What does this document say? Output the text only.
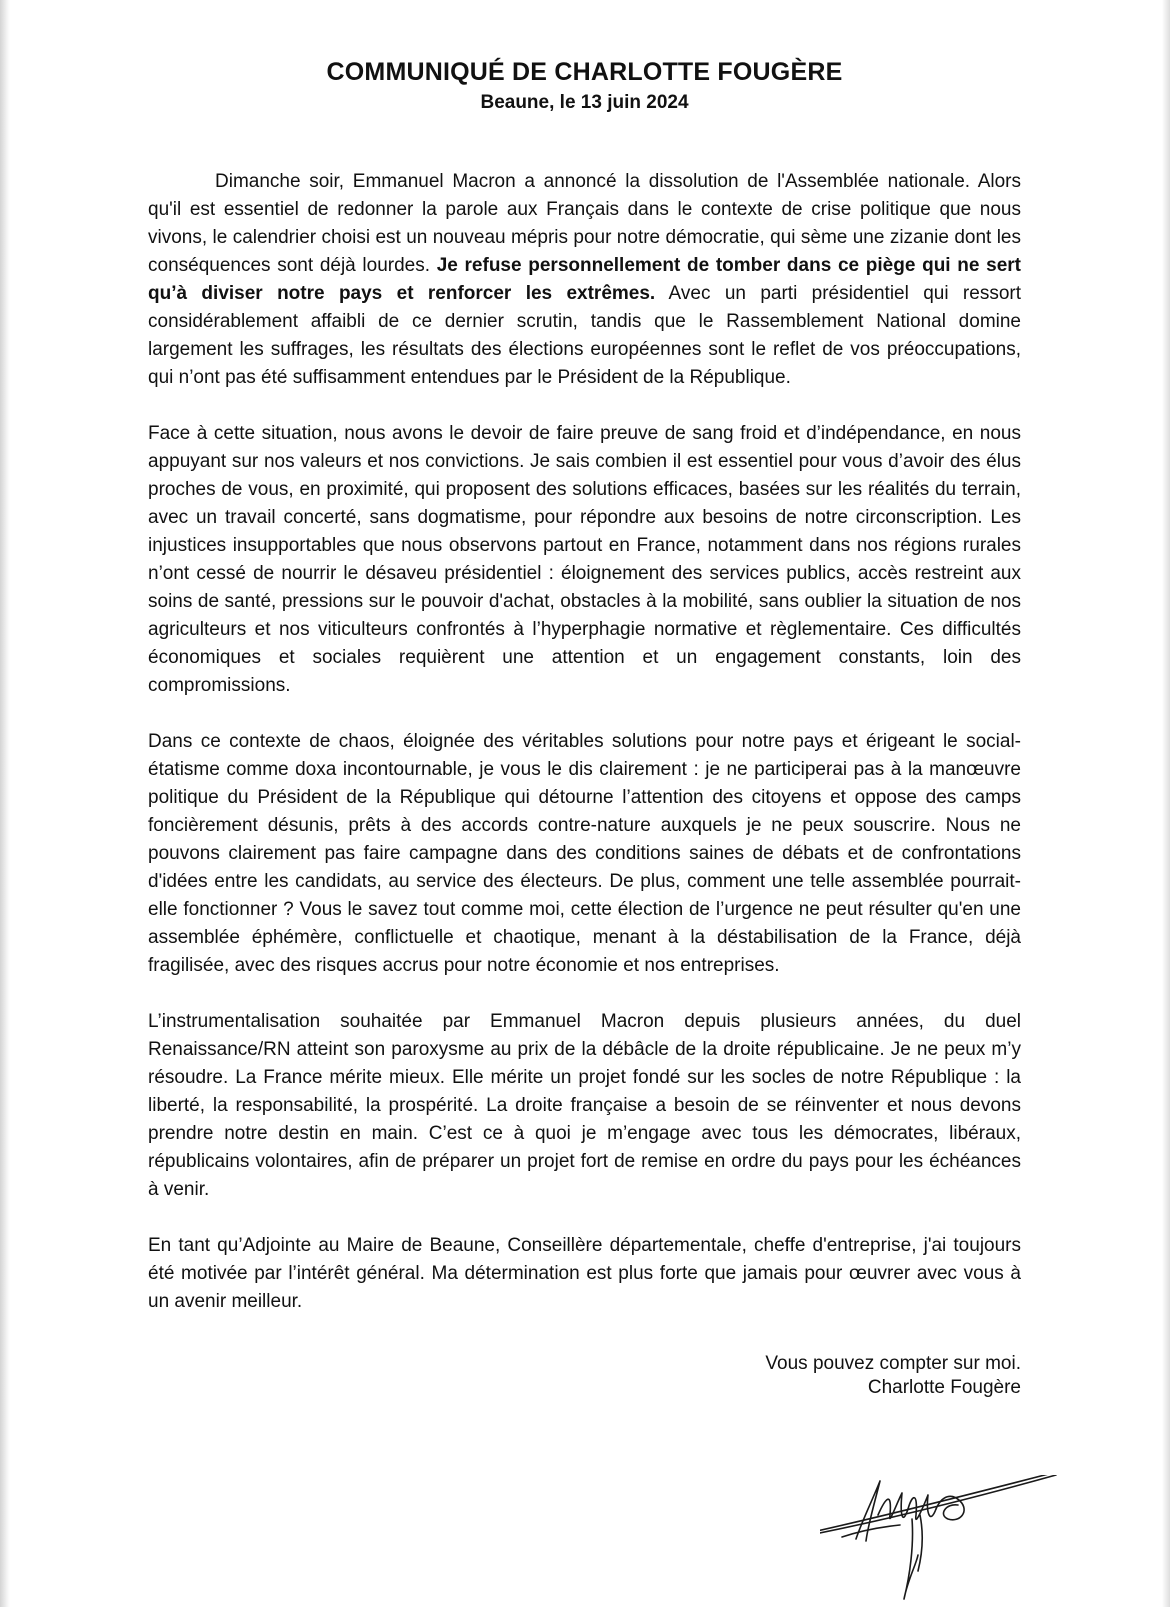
COMMUNIQUÉ DE CHARLOTTE FOUGÈRE

Beaune, le 13 juin 2024

Dimanche soir, Emmanuel Macron a annoncé la dissolution de l'Assemblée nationale. Alors qu'il est essentiel de redonner la parole aux Français dans le contexte de crise politique que nous vivons, le calendrier choisi est un nouveau mépris pour notre démocratie, qui sème une zizanie dont les conséquences sont déjà lourdes. Je refuse personnellement de tomber dans ce piège qui ne sert qu’à diviser notre pays et renforcer les extrêmes. Avec un parti présidentiel qui ressort considérablement affaibli de ce dernier scrutin, tandis que le Rassemblement National domine largement les suffrages, les résultats des élections européennes sont le reflet de vos préoccupations, qui n’ont pas été suffisamment entendues par le Président de la République.

Face à cette situation, nous avons le devoir de faire preuve de sang froid et d’indépendance, en nous appuyant sur nos valeurs et nos convictions. Je sais combien il est essentiel pour vous d’avoir des élus proches de vous, en proximité, qui proposent des solutions efficaces, basées sur les réalités du terrain, avec un travail concerté, sans dogmatisme, pour répondre aux besoins de notre circonscription. Les injustices insupportables que nous observons partout en France, notamment dans nos régions rurales n’ont cessé de nourrir le désaveu présidentiel : éloignement des services publics, accès restreint aux soins de santé, pressions sur le pouvoir d'achat, obstacles à la mobilité, sans oublier la situation de nos agriculteurs et nos viticulteurs confrontés à l’hyperphagie normative et règlementaire. Ces difficultés économiques et sociales requièrent une attention et un engagement constants, loin des compromissions.

Dans ce contexte de chaos, éloignée des véritables solutions pour notre pays et érigeant le social-étatisme comme doxa incontournable, je vous le dis clairement : je ne participerai pas à la manœuvre politique du Président de la République qui détourne l’attention des citoyens et oppose des camps foncièrement désunis, prêts à des accords contre-nature auxquels je ne peux souscrire. Nous ne pouvons clairement pas faire campagne dans des conditions saines de débats et de confrontations d'idées entre les candidats, au service des électeurs. De plus, comment une telle assemblée pourrait-elle fonctionner ? Vous le savez tout comme moi, cette élection de l’urgence ne peut résulter qu'en une assemblée éphémère, conflictuelle et chaotique, menant à la déstabilisation de la France, déjà fragilisée, avec des risques accrus pour notre économie et nos entreprises.

L’instrumentalisation souhaitée par Emmanuel Macron depuis plusieurs années, du duel Renaissance/RN atteint son paroxysme au prix de la débâcle de la droite républicaine. Je ne peux m’y résoudre. La France mérite mieux. Elle mérite un projet fondé sur les socles de notre République : la liberté, la responsabilité, la prospérité. La droite française a besoin de se réinventer et nous devons prendre notre destin en main. C’est ce à quoi je m’engage avec tous les démocrates, libéraux, républicains volontaires, afin de préparer un projet fort de remise en ordre du pays pour les échéances à venir.

En tant qu’Adjointe au Maire de Beaune, Conseillère départementale, cheffe d'entreprise, j'ai toujours été motivée par l’intérêt général. Ma détermination est plus forte que jamais pour œuvrer avec vous à un avenir meilleur.

Vous pouvez compter sur moi.
Charlotte Fougère
